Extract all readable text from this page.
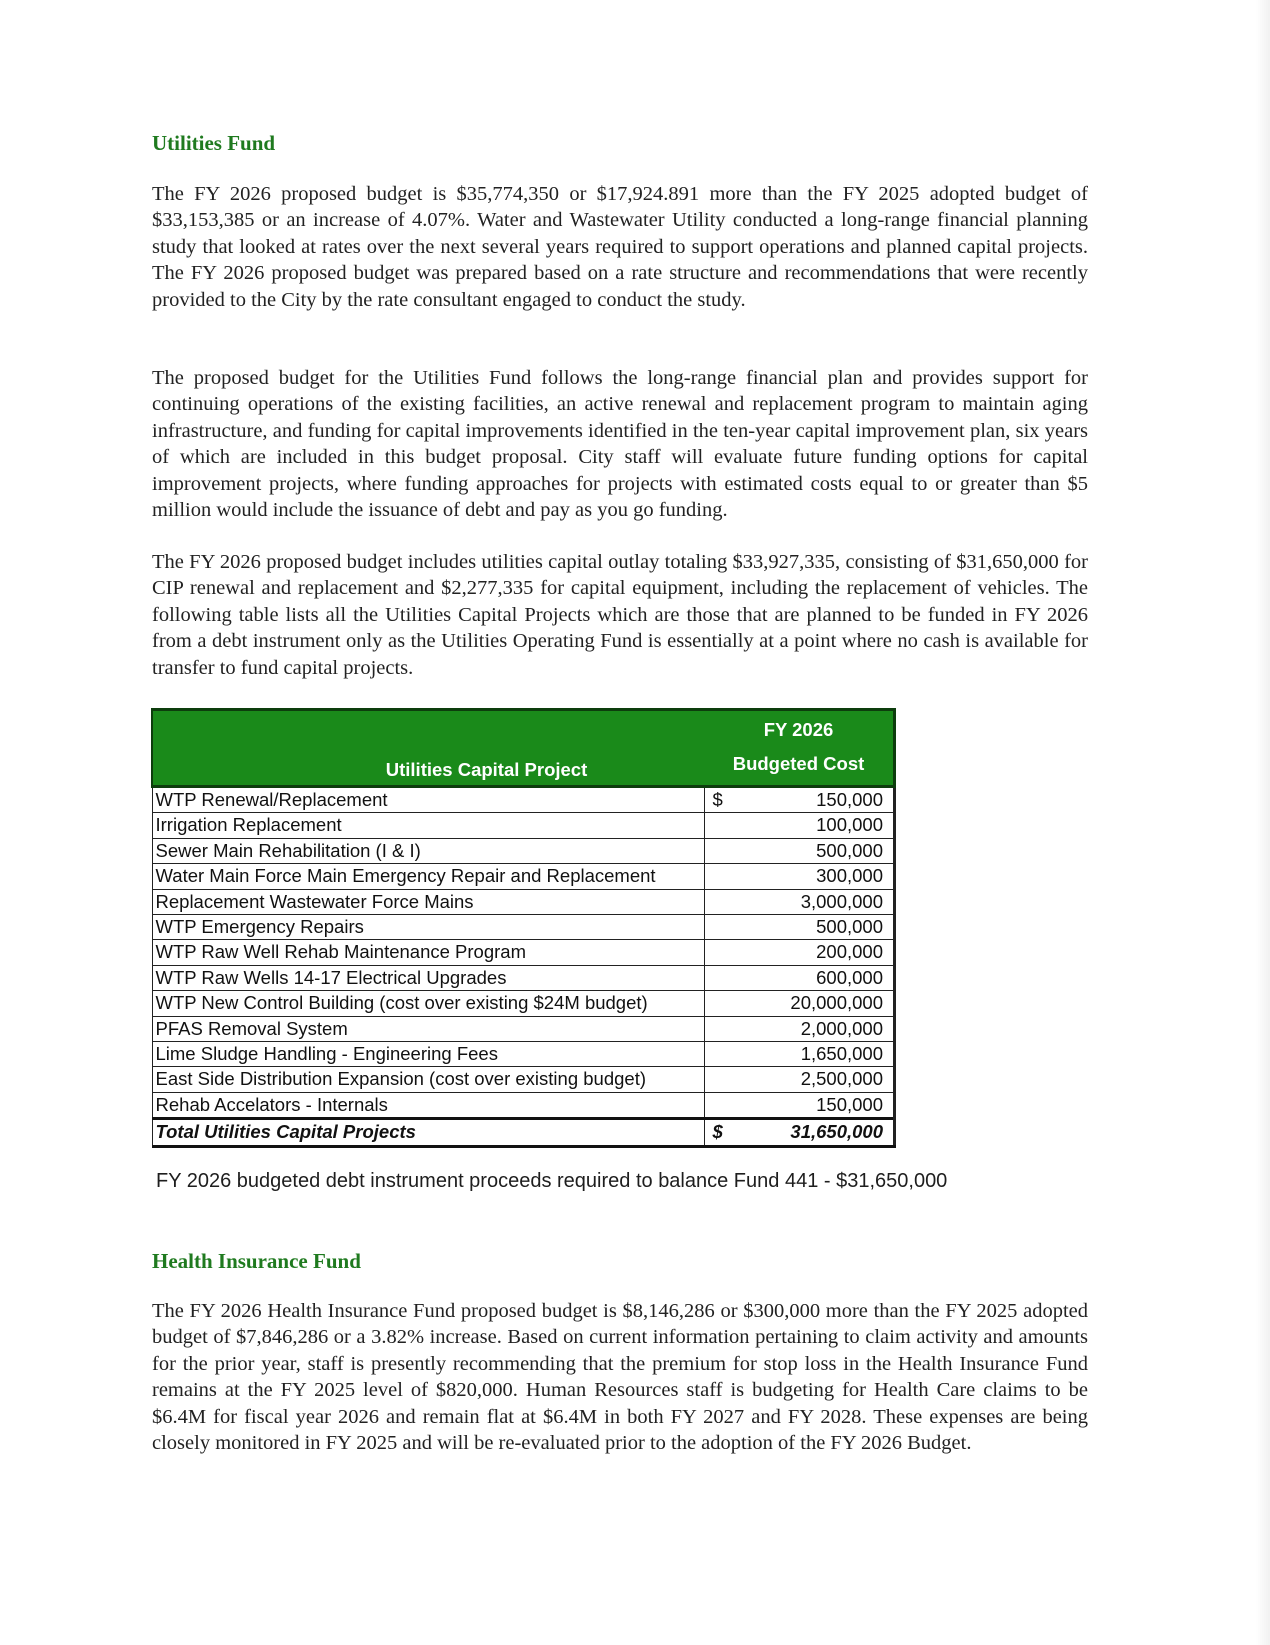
Utilities Fund

The FY 2026 proposed budget is $35,774,350 or $17,924.891 more than the FY 2025 adopted budget of $33,153,385 or an increase of 4.07%. Water and Wastewater Utility conducted a long-range financial planning study that looked at rates over the next several years required to support operations and planned capital projects. The FY 2026 proposed budget was prepared based on a rate structure and recommendations that were recently provided to the City by the rate consultant engaged to conduct the study.

The proposed budget for the Utilities Fund follows the long-range financial plan and provides support for continuing operations of the existing facilities, an active renewal and replacement program to maintain aging infrastructure, and funding for capital improvements identified in the ten-year capital improvement plan, six years of which are included in this budget proposal. City staff will evaluate future funding options for capital improvement projects, where funding approaches for projects with estimated costs equal to or greater than $5 million would include the issuance of debt and pay as you go funding.

The FY 2026 proposed budget includes utilities capital outlay totaling $33,927,335, consisting of $31,650,000 for CIP renewal and replacement and $2,277,335 for capital equipment, including the replacement of vehicles. The following table lists all the Utilities Capital Projects which are those that are planned to be funded in FY 2026 from a debt instrument only as the Utilities Operating Fund is essentially at a point where no cash is available for transfer to fund capital projects.

Utilities Capital Project	FY 2026
Budgeted Cost
WTP Renewal/Replacement	$ 150,000
Irrigation Replacement	100,000
Sewer Main Rehabilitation (I & I)	500,000
Water Main Force Main Emergency Repair and Replacement	300,000
Replacement Wastewater Force Mains	3,000,000
WTP Emergency Repairs	500,000
WTP Raw Well Rehab Maintenance Program	200,000
WTP Raw Wells 14-17 Electrical Upgrades	600,000
WTP New Control Building (cost over existing $24M budget)	20,000,000
PFAS Removal System	2,000,000
Lime Sludge Handling - Engineering Fees	1,650,000
East Side Distribution Expansion (cost over existing budget)	2,500,000
Rehab Accelators - Internals	150,000
Total Utilities Capital Projects	$ 31,650,000

FY 2026 budgeted debt instrument proceeds required to balance Fund 441 - $31,650,000

Health Insurance Fund

The FY 2026 Health Insurance Fund proposed budget is $8,146,286 or $300,000 more than the FY 2025 adopted budget of $7,846,286 or a 3.82% increase. Based on current information pertaining to claim activity and amounts for the prior year, staff is presently recommending that the premium for stop loss in the Health Insurance Fund remains at the FY 2025 level of $820,000. Human Resources staff is budgeting for Health Care claims to be $6.4M for fiscal year 2026 and remain flat at $6.4M in both FY 2027 and FY 2028. These expenses are being closely monitored in FY 2025 and will be re-evaluated prior to the adoption of the FY 2026 Budget.
